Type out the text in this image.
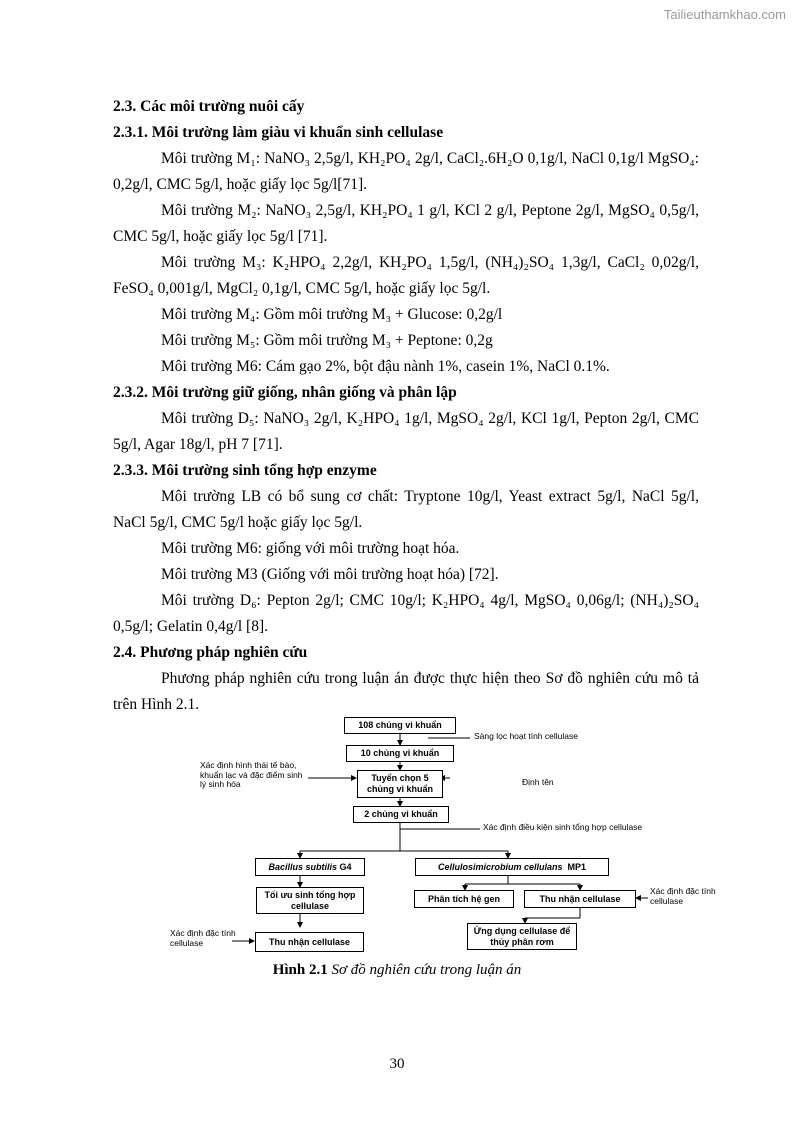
Tailieuthamkhao.com

2.3. Các môi trường nuôi cấy

2.3.1. Môi trường làm giàu vi khuẩn sinh cellulase

Môi trường M₁: NaNO₃ 2,5g/l, KH₂PO₄ 2g/l, CaCl₂.6H₂O 0,1g/l, NaCl 0,1g/l MgSO₄: 0,2g/l, CMC 5g/l, hoặc giấy lọc 5g/l[71].

Môi trường M₂: NaNO₃ 2,5g/l, KH₂PO₄ 1 g/l, KCl 2 g/l, Peptone 2g/l, MgSO₄ 0,5g/l, CMC 5g/l, hoặc giấy lọc 5g/l [71].

Môi trường M₃: K₂HPO₄ 2,2g/l, KH₂PO₄ 1,5g/l, (NH₄)₂SO₄ 1,3g/l, CaCl₂ 0,02g/l, FeSO₄ 0,001g/l, MgCl₂ 0,1g/l, CMC 5g/l, hoặc giấy lọc 5g/l.

Môi trường M₄: Gồm môi trường M₃ + Glucose: 0,2g/l

Môi trường M₅: Gồm môi trường M₃ + Peptone: 0,2g

Môi trường M6: Cám gạo 2%, bột đậu nành 1%, casein 1%, NaCl 0.1%.

2.3.2. Môi trường giữ giống, nhân giống và phân lập

Môi trường D₅: NaNO₃ 2g/l, K₂HPO₄ 1g/l, MgSO₄ 2g/l, KCl 1g/l, Pepton 2g/l, CMC 5g/l, Agar 18g/l, pH 7 [71].

2.3.3. Môi trường sinh tổng hợp enzyme

Môi trường LB có bổ sung cơ chất: Tryptone 10g/l, Yeast extract 5g/l, NaCl 5g/l, NaCl 5g/l, CMC 5g/l hoặc giấy lọc 5g/l.

Môi trường M6: giống với môi trường hoạt hóa.

Môi trường M3 (Giống với môi trường hoạt hóa) [72].

Môi trường D₆: Pepton 2g/l; CMC 10g/l; K₂HPO₄ 4g/l, MgSO₄ 0,06g/l; (NH₄)₂SO₄ 0,5g/l; Gelatin 0,4g/l [8].

2.4. Phương pháp nghiên cứu

Phương pháp nghiên cứu trong luận án được thực hiện theo Sơ đồ nghiên cứu mô tả trên Hình 2.1.

108 chủng vi khuẩn
Sàng lọc hoạt tính cellulase
10 chủng vi khuẩn
Xác định hình thái tế bào, khuẩn lạc và đặc điểm sinh lý sinh hóa
Tuyển chọn 5 chủng vi khuẩn
Định tên
2 chủng vi khuẩn
Xác định điều kiện sinh tổng hợp cellulase
Bacillus subtilis
G4	Cellulosimicrobium cellulans
MP1
Tối ưu sinh tổng hợp cellulase
Phân tích hệ gen	Thu nhận cellulase
Xác định đặc tính cellulase
Xác định đặc tính cellulase	Thu nhận cellulase
Ứng dụng cellulase để thủy phân rơm
Hình 2.1 Sơ đồ nghiên cứu trong luận án
30
